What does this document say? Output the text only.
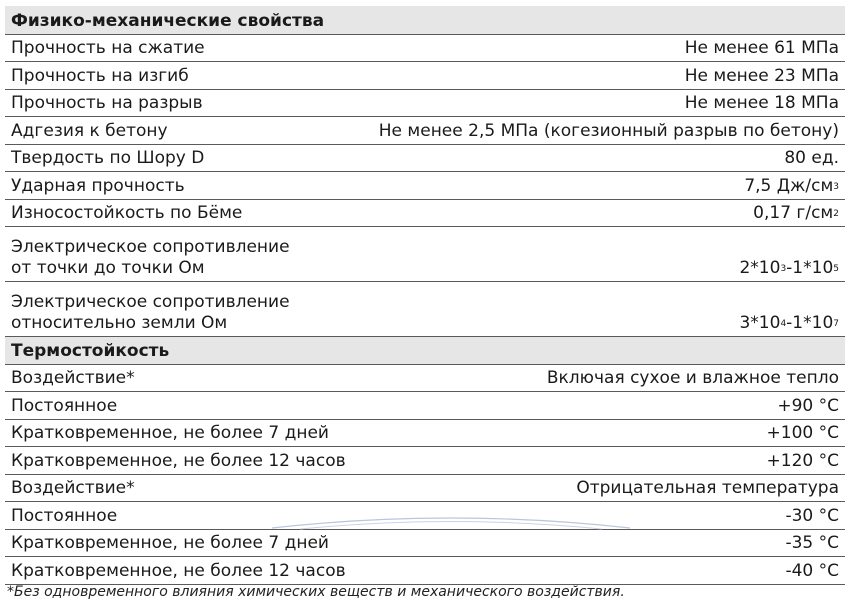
Физико-механические свойства
Прочность на сжатие	Не менее 61 МПа
Прочность на изгиб	Не менее 23 МПа
Прочность на разрыв	Не менее 18 МПа
Адгезия к бетону	Не менее 2,5 МПа (когезионный разрыв по бетону)
Твердость по Шору D	80 ед.
Ударная прочность	7,5 $Дж/см^3$
Износостойкость по Бёме	0,17 $г/см^2$
Электрическое сопротивление
от точки до точки Ом	$2*10^3-1*10^5$
Электрическое сопротивление
относительно земли Ом	$3*10^4-1*10^7$
Термостойкость
Воздействие*	Включая сухое и влажное тепло
Постоянное	+90 °С
Кратковременное, не более 7 дней	+100 °С
Кратковременное, не более 12 часов	+120 °С
Воздействие*	Отрицательная температура
Постоянное	-30 °С
Кратковременное, не более 7 дней	-35 °С
Кратковременное, не более 12 часов	-40 °С
*Без одновременного влияния химических веществ и механического воздействия.
